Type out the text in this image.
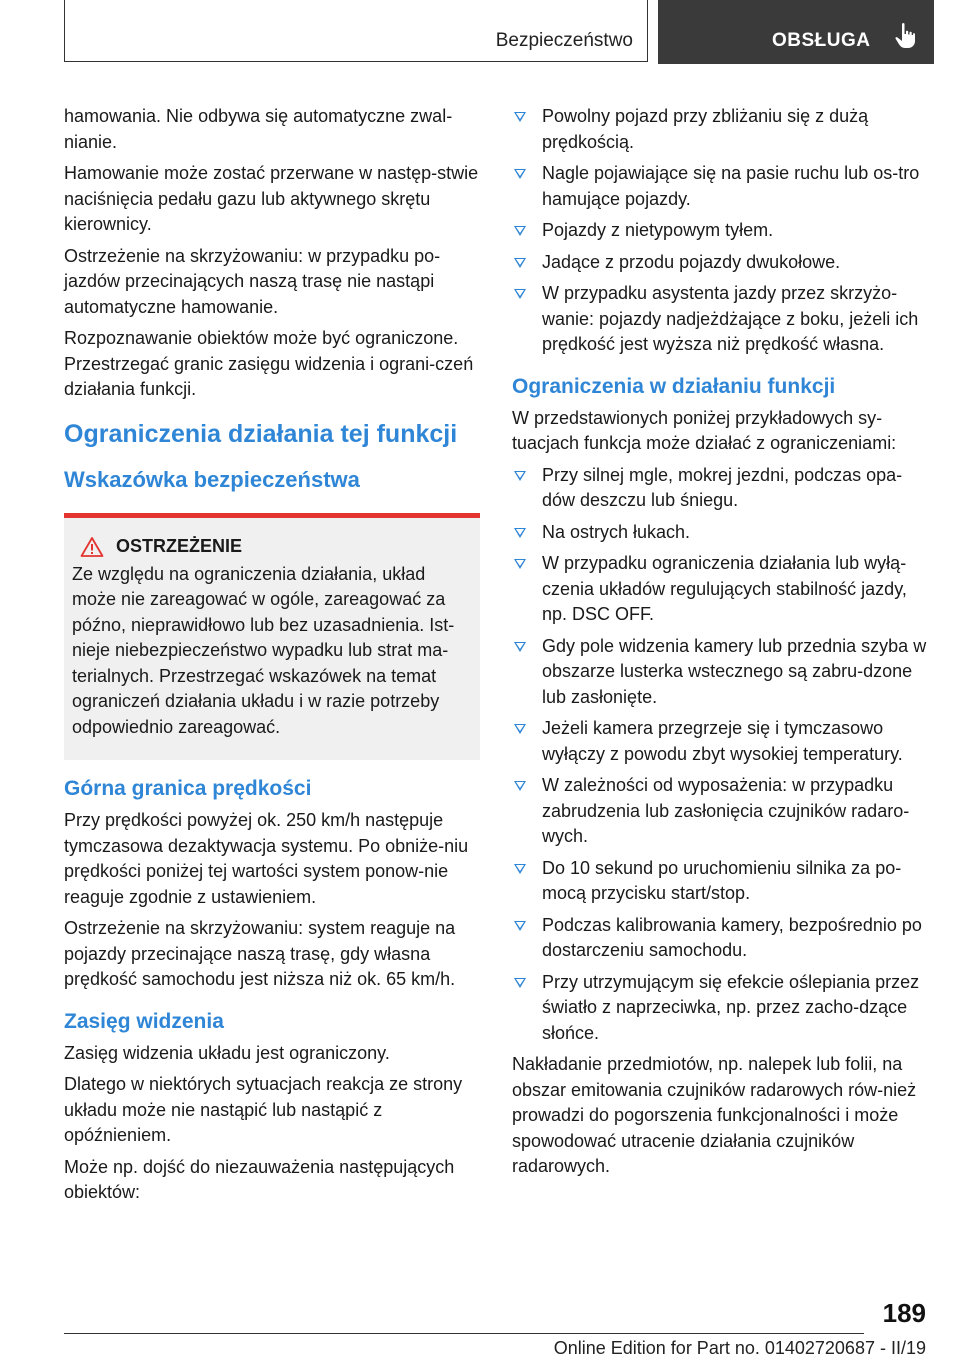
Bezpieczeństwo	OBSŁUGA

hamowania. Nie odbywa się automatyczne zwal-nianie.

Hamowanie może zostać przerwane w następ-stwie naciśnięcia pedału gazu lub aktywnego skrętu kierownicy.

Ostrzeżenie na skrzyżowaniu: w przypadku po-jazdów przecinających naszą trasę nie nastąpi automatyczne hamowanie.

Rozpoznawanie obiektów może być ograniczone. Przestrzegać granic zasięgu widzenia i ograni-czeń działania funkcji.

Ograniczenia działania tej funkcji
Wskazówka bezpieczeństwa
OSTRZEŻENIE

Ze względu na ograniczenia działania, układ może nie zareagować w ogóle, zareagować za późno, nieprawidłowo lub bez uzasadnienia. Ist-nieje niebezpieczeństwo wypadku lub strat ma-terialnych. Przestrzegać wskazówek na temat ograniczeń działania układu i w razie potrzeby odpowiednio zareagować.

Górna granica prędkości

Przy prędkości powyżej ok. 250 km/h następuje tymczasowa dezaktywacja systemu. Po obniże-niu prędkości poniżej tej wartości system ponow-nie reaguje zgodnie z ustawieniem.

Ostrzeżenie na skrzyżowaniu: system reaguje na pojazdy przecinające naszą trasę, gdy własna prędkość samochodu jest niższa niż ok. 65 km/h.

Zasięg widzenia

Zasięg widzenia układu jest ograniczony.

Dlatego w niektórych sytuacjach reakcja ze strony układu może nie nastąpić lub nastąpić z opóźnieniem.

Może np. dojść do niezauważenia następujących obiektów:

Powolny pojazd przy zbliżaniu się z dużą prędkością.
Nagle pojawiające się na pasie ruchu lub os-tro hamujące pojazdy.
Pojazdy z nietypowym tyłem.
Jadące z przodu pojazdy dwukołowe.
W przypadku asystenta jazdy przez skrzyżo-wanie: pojazdy nadjeżdżające z boku, jeżeli ich prędkość jest wyższa niż prędkość własna.
Ograniczenia w działaniu funkcji

W przedstawionych poniżej przykładowych sy-tuacjach funkcja może działać z ograniczeniami:

Przy silnej mgle, mokrej jezdni, podczas opa-dów deszczu lub śniegu.
Na ostrych łukach.
W przypadku ograniczenia działania lub wyłą-czenia układów regulujących stabilność jazdy, np. DSC OFF.
Gdy pole widzenia kamery lub przednia szyba w obszarze lusterka wstecznego są zabru-dzone lub zasłonięte.
Jeżeli kamera przegrzeje się i tymczasowo wyłączy z powodu zbyt wysokiej temperatury.
W zależności od wyposażenia: w przypadku zabrudzenia lub zasłonięcia czujników radaro-wych.
Do 10 sekund po uruchomieniu silnika za po-mocą przycisku start/stop.
Podczas kalibrowania kamery, bezpośrednio po dostarczeniu samochodu.
Przy utrzymującym się efekcie oślepiania przez światło z naprzeciwka, np. przez zacho-dzące słońce.

Nakładanie przedmiotów, np. nalepek lub folii, na obszar emitowania czujników radarowych rów-nież prowadzi do pogorszenia funkcjonalności i może spowodować utracenie działania czujników radarowych.

189
Online Edition for Part no. 01402720687 - II/19
